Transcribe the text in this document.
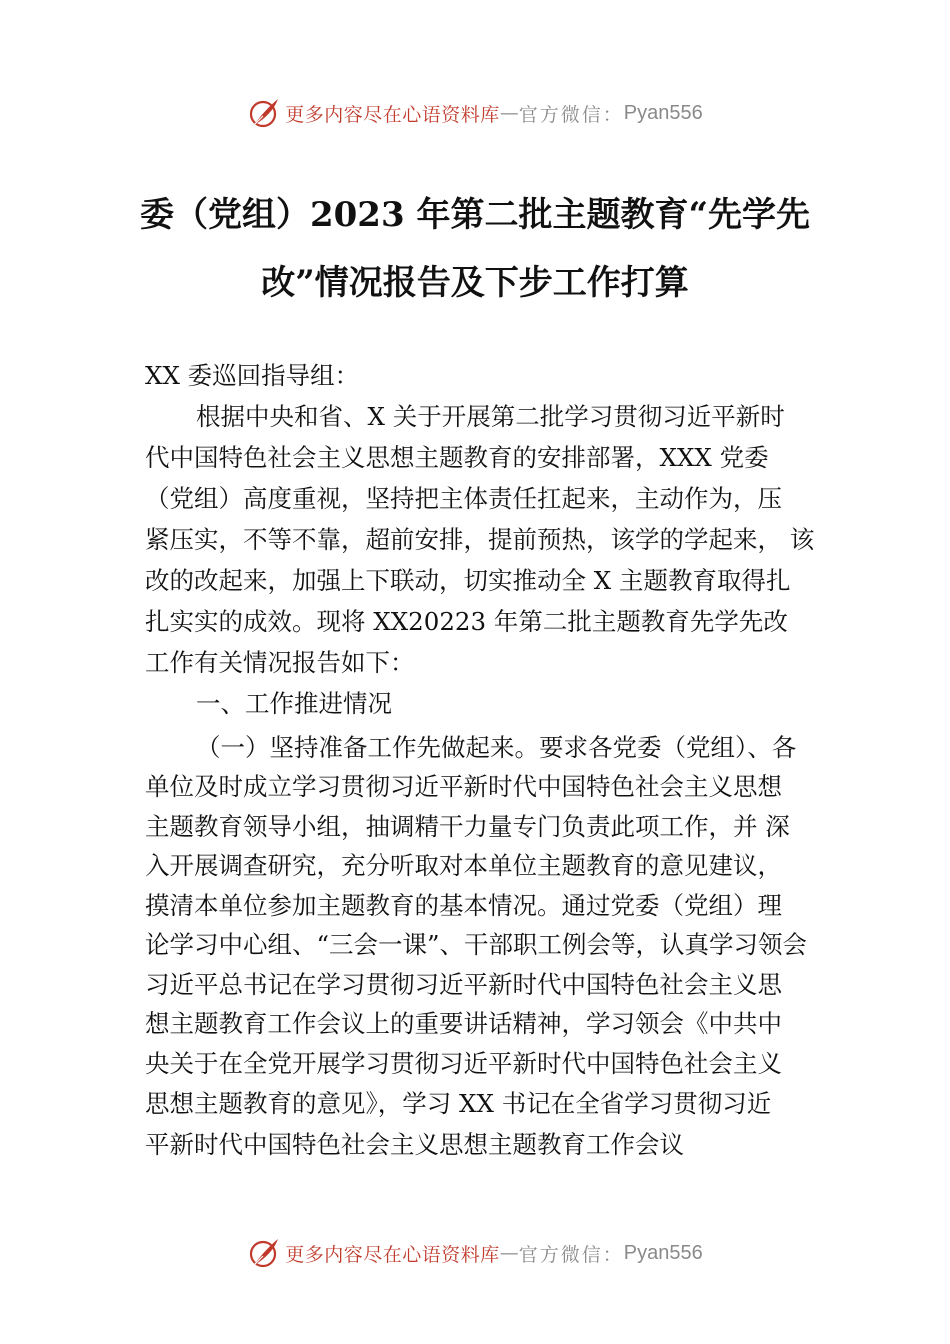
更多内容尽在心语资料库 — 官方微信： Pyan556
委（党组）2023 年第二批主题教育“先学先
改”情况报告及下步工作打算
XX 委巡回指导组：
根据中央和省、X 关于开展第二批学习贯彻习近平新时
代中国特色社会主义思想主题教育的安排部署，XXX 党委
（党组）高度重视，坚持把主体责任扛起来，主动作为，压
紧压实，不等不靠，超前安排，提前预热，该学的学起来， 该
改的改起来，加强上下联动，切实推动全 X 主题教育取得扎
扎实实的成效。现将 XX20223 年第二批主题教育先学先改
工作有关情况报告如下：
一、工作推进情况
（一）坚持准备工作先做起来。要求各党委（党组）、各
单位及时成立学习贯彻习近平新时代中国特色社会主义思想
主题教育领导小组，抽调精干力量专门负责此项工作，并 深
入开展调查研究，充分听取对本单位主题教育的意见建议，
摸清本单位参加主题教育的基本情况。通过党委（党组）理
论学习中心组、“三会一课”、干部职工例会等，认真学习领会
习近平总书记在学习贯彻习近平新时代中国特色社会主义思
想主题教育工作会议上的重要讲话精神，学习领会《中共中
央关于在全党开展学习贯彻习近平新时代中国特色社会主义
思想主题教育的意见》，学习 XX 书记在全省学习贯彻习近
平新时代中国特色社会主义思想主题教育工作会议
更多内容尽在心语资料库 — 官方微信： Pyan556
